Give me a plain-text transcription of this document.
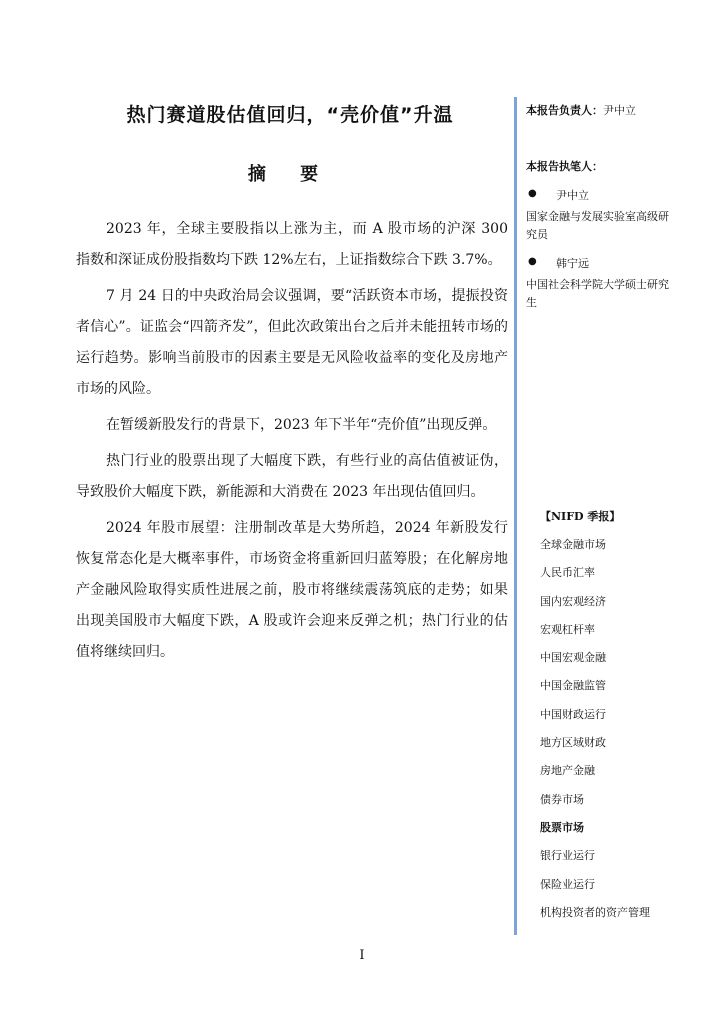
热门赛道股估值回归，“壳价值”升温
摘 要

2023 年，全球主要股指以上涨为主，而 A 股市场的沪深 300 指数和深证成份股指数均下跌 12%左右，上证指数综合下跌 3.7%。

7 月 24 日的中央政治局会议强调，要“活跃资本市场，提振投资者信心”。证监会“四箭齐发”，但此次政策出台之后并未能扭转市场的运行趋势。影响当前股市的因素主要是无风险收益率的变化及房地产市场的风险。

在暂缓新股发行的背景下，2023 年下半年“壳价值”出现反弹。

热门行业的股票出现了大幅度下跌，有些行业的高估值被证伪，导致股价大幅度下跌，新能源和大消费在 2023 年出现估值回归。

2024 年股市展望：注册制改革是大势所趋，2024 年新股发行恢复常态化是大概率事件，市场资金将重新回归蓝筹股；在化解房地产金融风险取得实质性进展之前，股市将继续震荡筑底的走势；如果出现美国股市大幅度下跌，A 股或许会迎来反弹之机；热门行业的估值将继续回归。

本报告负责人：尹中立
本报告执笔人：
● 尹中立
国家金融与发展实验室高级研究员
● 韩宁远
中国社会科学院大学硕士研究生
【NIFD 季报】
全球金融市场
人民币汇率
国内宏观经济
宏观杠杆率
中国宏观金融
中国金融监管
中国财政运行
地方区域财政
房地产金融
债券市场
股票市场
银行业运行
保险业运行
机构投资者的资产管理
I
